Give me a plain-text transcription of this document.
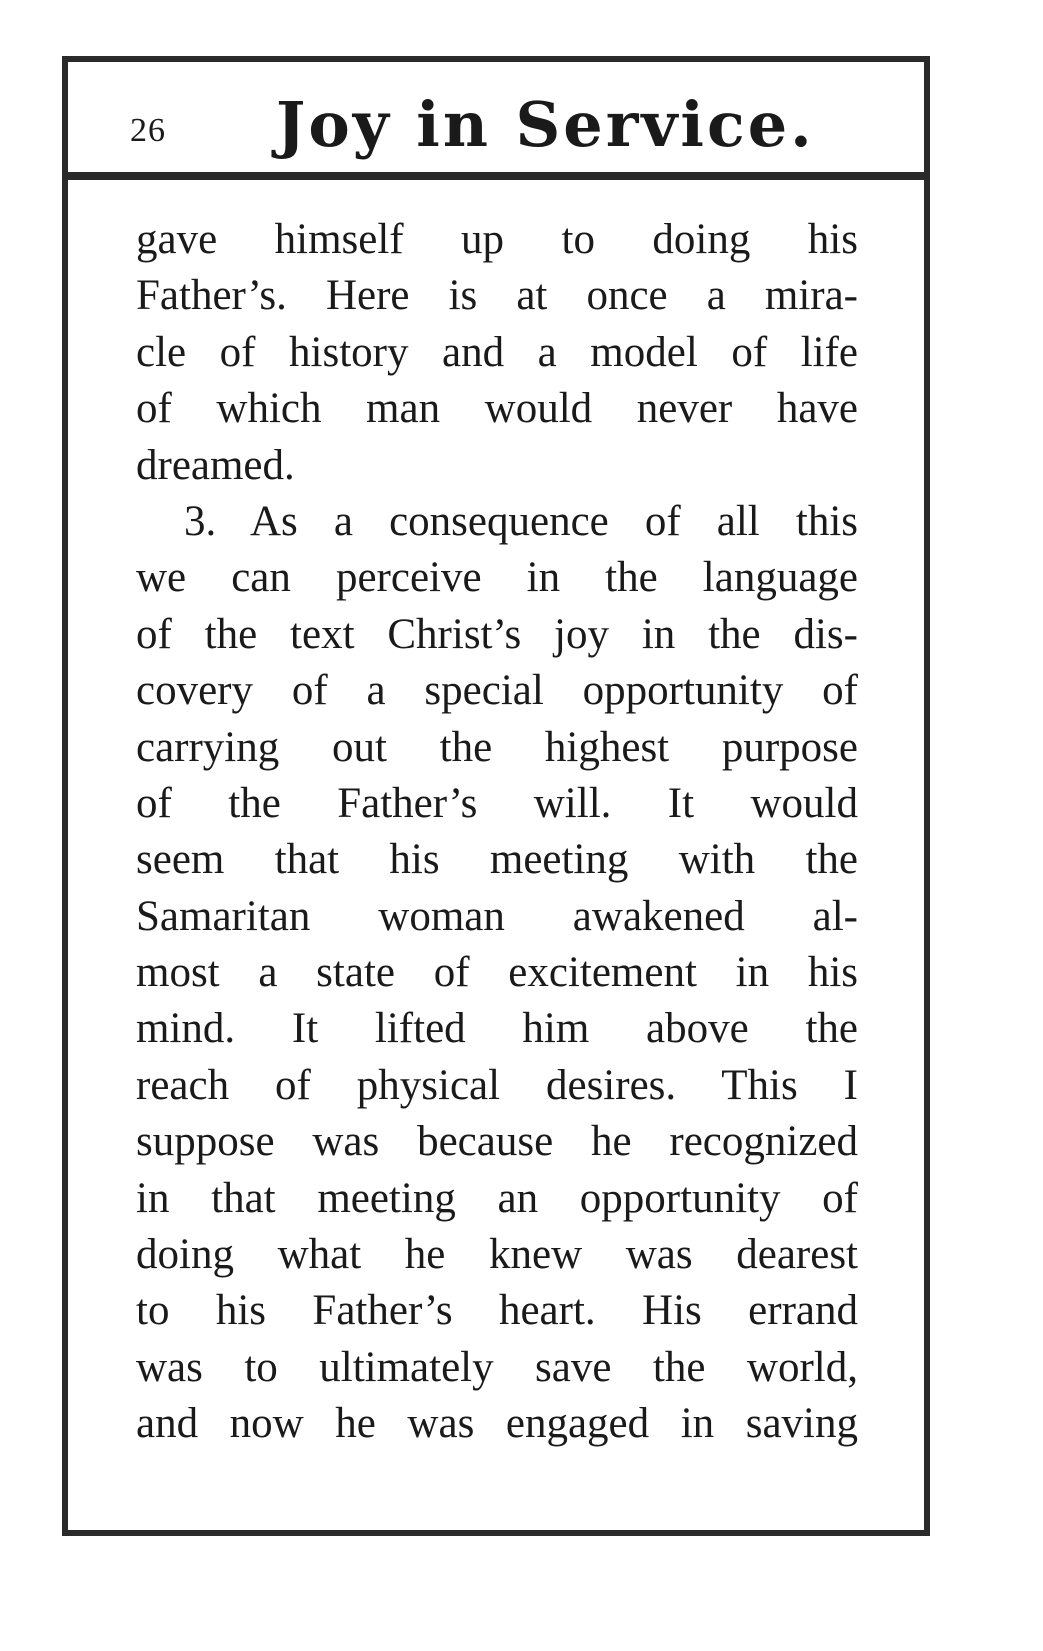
26 Joy in Service.
gave himself up to doing his
Father’s. Here is at once a mira-
cle of history and a model of life
of which man would never have
dreamed.
3. As a consequence of all this
we can perceive in the language
of the text Christ’s joy in the dis-
covery of a special opportunity of
carrying out the highest purpose
of the Father’s will. It would
seem that his meeting with the
Samaritan woman awakened al-
most a state of excitement in his
mind. It lifted him above the
reach of physical desires. This I
suppose was because he recognized
in that meeting an opportunity of
doing what he knew was dearest
to his Father’s heart. His errand
was to ultimately save the world,
and now he was engaged in saving
